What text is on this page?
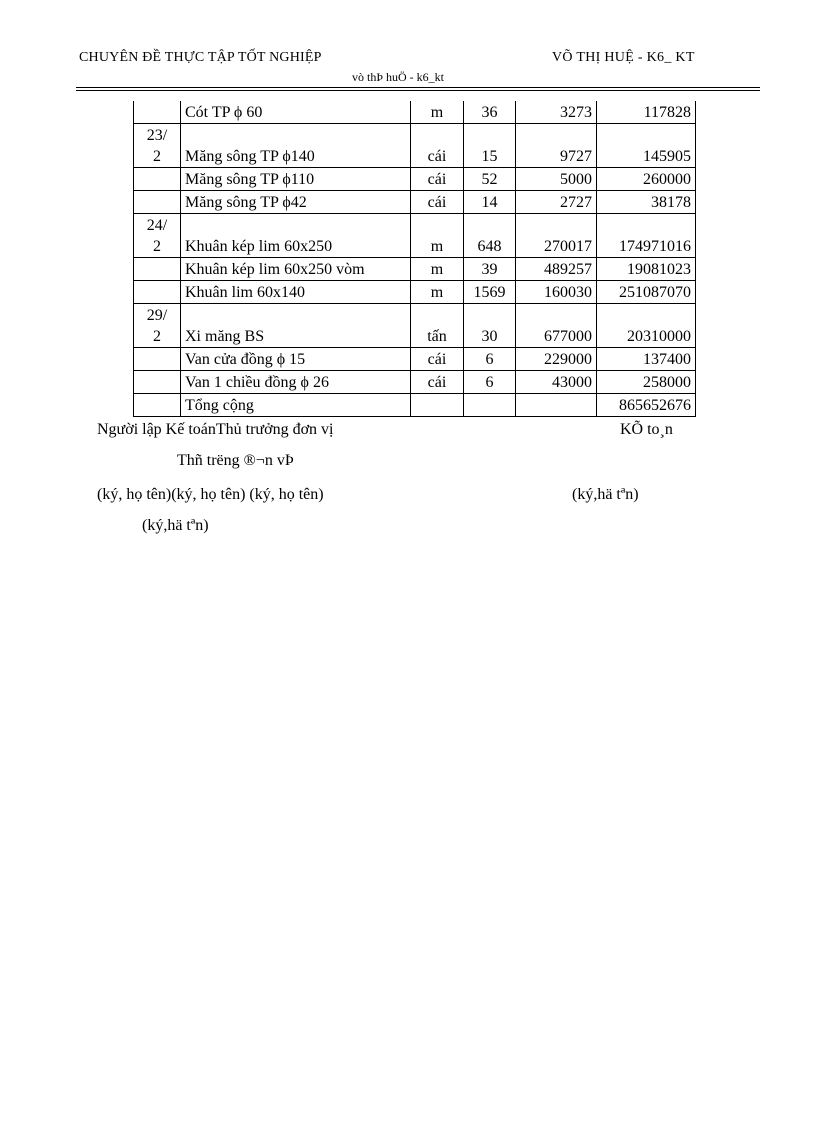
CHUYÊN ĐỀ THỰC TẬP TỐT NGHIỆP	VÕ THỊ HUỆ - K6_ KT
vò thÞ huÖ - k6_kt
	Cót TP ϕ 60	m	36	3273	117828
23/
2	Măng sông TP ϕ140	cái	15	9727	145905
	Măng sông TP ϕ110	cái	52	5000	260000
	Măng sông TP ϕ42	cái	14	2727	38178
24/
2	Khuân kép lim 60x250	m	648	270017	174971016
	Khuân kép lim 60x250 vòm	m	39	489257	19081023
	Khuân lim 60x140	m	1569	160030	251087070
29/
2	Xi măng BS	tấn	30	677000	20310000
	Van cửa đồng ϕ 15	cái	6	229000	137400
	Van 1 chiều đồng ϕ 26	cái	6	43000	258000
	Tổng cộng				865652676
Người lập Kế toánThủ trưởng đơn vị	KÕ to¸n
Thñ trëng ®¬n vÞ
(ký, họ tên)(ký, họ tên) (ký, họ tên)	(ký,hä tªn)
(ký,hä tªn)
